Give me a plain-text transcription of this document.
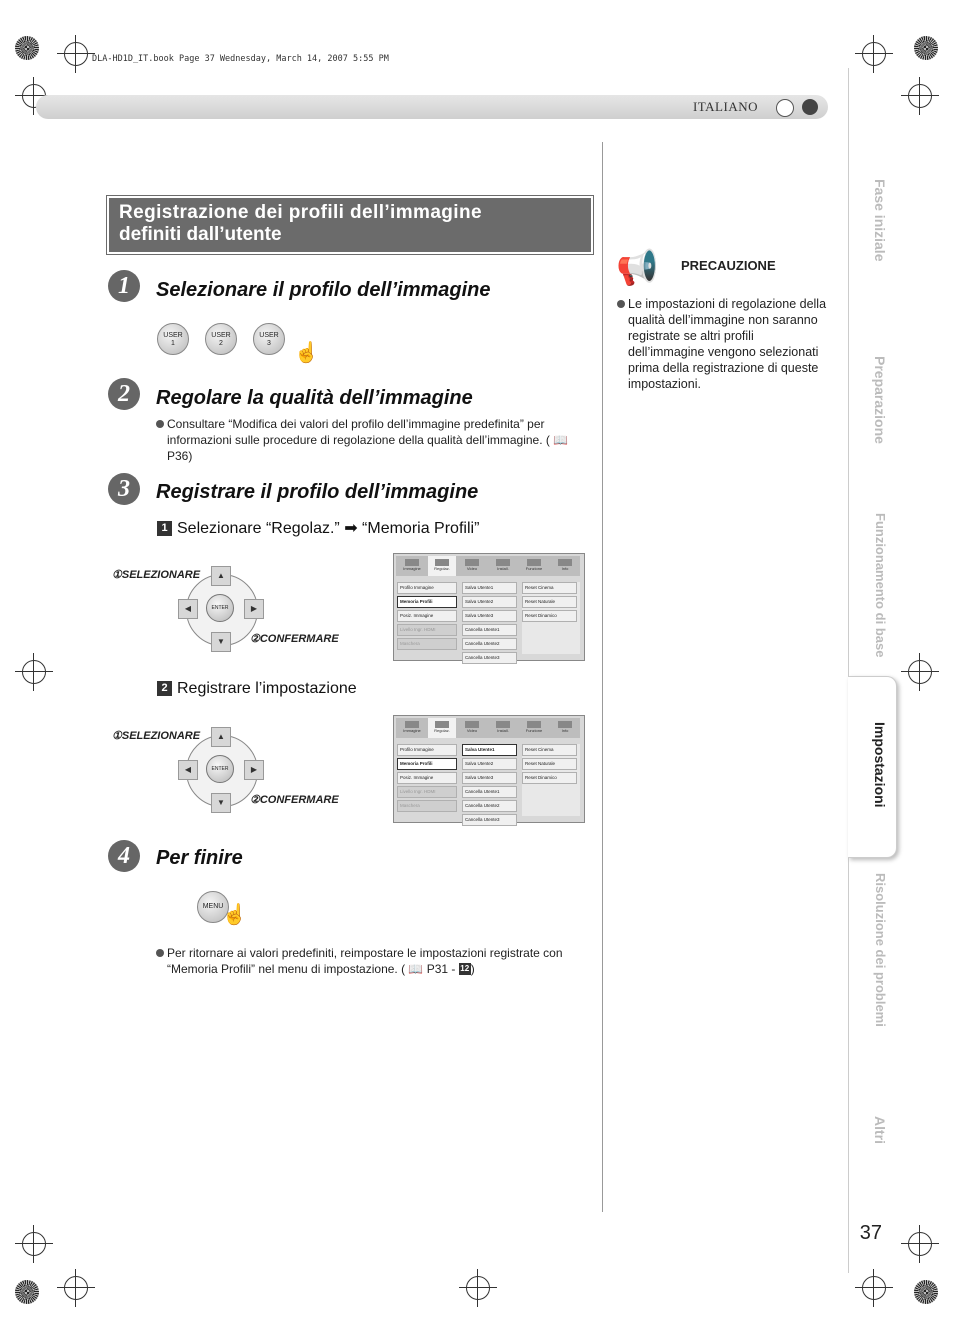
DLA-HD1D_IT.book Page 37 Wednesday, March 14, 2007 5:55 PM
ITALIANO
Registrazione dei profili dell’immagine
definiti dall’utente
1	Selezionare il profilo dell’immagine
USER
1
USER
2
USER
3	☝
2	Regolare la qualità dell’immagine
Consultare “Modifica dei valori del profilo dell’immagine predefinita” per informazioni sulle procedure di regolazione della qualità dell’immagine. ( 📖 P36)
3	Registrare il profilo dell’immagine
1 Selezionare “Regolaz.” ➡ “Memoria Profili”
①SELEZIONARE	▲
▼
◀	▶
ENTER
②CONFERMARE
Immagine	Regolaz.	Video	Install.	Funzione	Info
Profilo Immagine
Memoria Profili
Posiz. Immagine
Livello Ingr. HDMI
Maschera
Salva Utente1
Salva Utente2
Salva Utente3
Cancella Utente1
Cancella Utente2
Cancella Utente3
Reset Cinema
Reset Naturale
Reset Dinamico
2 Registrare l’impostazione
①SELEZIONARE	▲
▼
◀	▶
ENTER
②CONFERMARE
Immagine	Regolaz.	Video	Install.	Funzione	Info
Profilo Immagine
Memoria Profili
Posiz. Immagine
Livello Ingr. HDMI
Maschera
Salva Utente1
Salva Utente2
Salva Utente3
Cancella Utente1
Cancella Utente2
Cancella Utente3
Reset Cinema
Reset Naturale
Reset Dinamico
4	Per finire
MENU
☝
Per ritornare ai valori predefiniti, reimpostare le impostazioni registrate con “Memoria Profili” nel menu di impostazione. ( 📖 P31 - 12 )
📢 PRECAUZIONE
Le impostazioni di regolazione della qualità dell’immagine non saranno registrate se altri profili dell’immagine vengono selezionati prima della registrazione di queste impostazioni.
Fase iniziale
Preparazione
Funzionamento di base
Impostazioni
Risoluzione dei problemi
Altri
37
